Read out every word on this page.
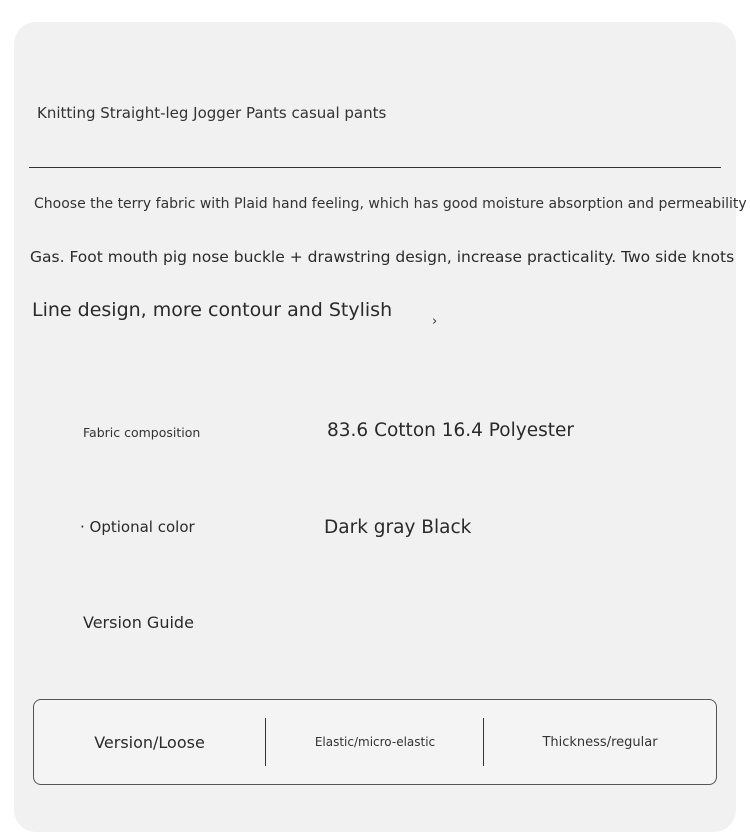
Knitting Straight-leg Jogger Pants casual pants
Choose the terry fabric with Plaid hand feeling, which has good moisture absorption and permeability
Gas. Foot mouth pig nose buckle + drawstring design, increase practicality. Two side knots
Line design, more contour and Stylish
›
Fabric composition	83.6 Cotton 16.4 Polyester
· Optional color	Dark gray Black
Version Guide
Version/Loose	Elastic/micro-elastic	Thickness/regular
